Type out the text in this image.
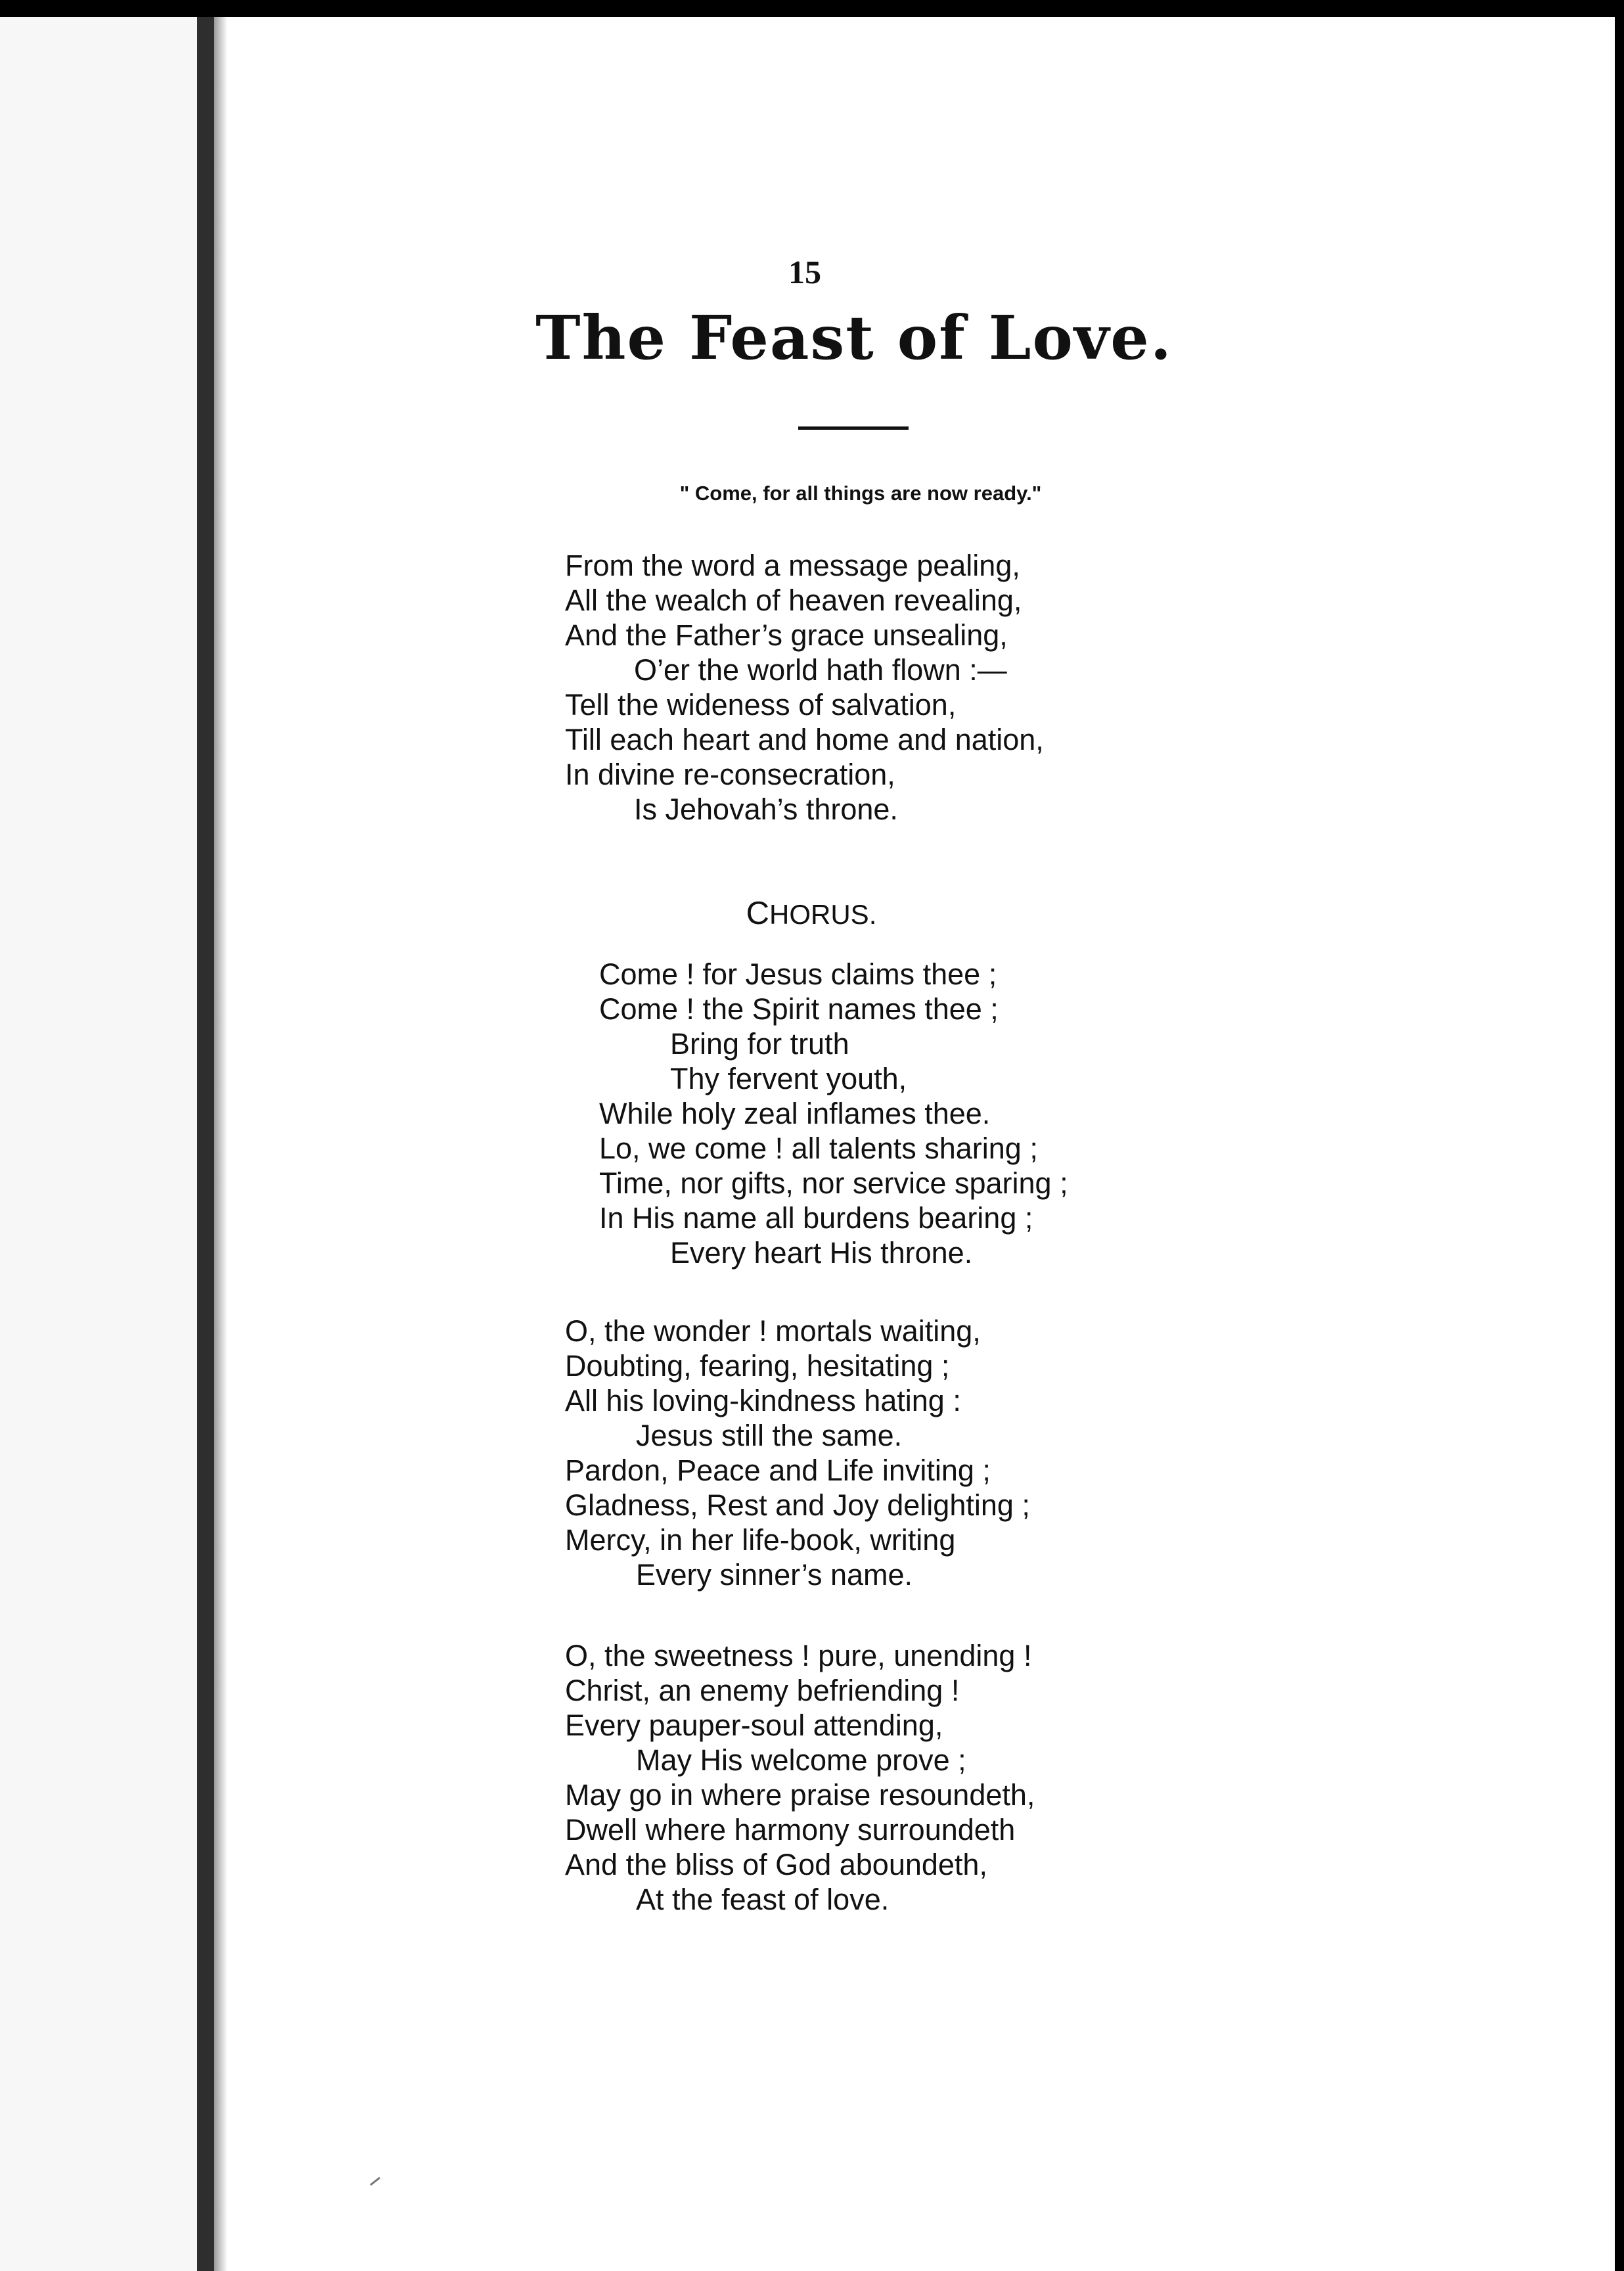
15
The Feast of Love.
" Come, for all things are now ready."
From the word a message pealing,
All the wealch of heaven revealing,
And the Father’s grace unsealing,
O’er the world hath flown :—
Tell the wideness of salvation,
Till each heart and home and nation,
In divine re-consecration,
Is Jehovah’s throne.
CHORUS.
Come ! for Jesus claims thee ;
Come ! the Spirit names thee ;
Bring for truth
Thy fervent youth,
While holy zeal inflames thee.
Lo, we come ! all talents sharing ;
Time, nor gifts, nor service sparing ;
In His name all burdens bearing ;
Every heart His throne.
O, the wonder ! mortals waiting,
Doubting, fearing, hesitating ;
All his loving-kindness hating :
Jesus still the same.
Pardon, Peace and Life inviting ;
Gladness, Rest and Joy delighting ;
Mercy, in her life-book, writing
Every sinner’s name.
O, the sweetness ! pure, unending !
Christ, an enemy befriending !
Every pauper-soul attending,
May His welcome prove ;
May go in where praise resoundeth,
Dwell where harmony surroundeth
And the bliss of God aboundeth,
At the feast of love.
